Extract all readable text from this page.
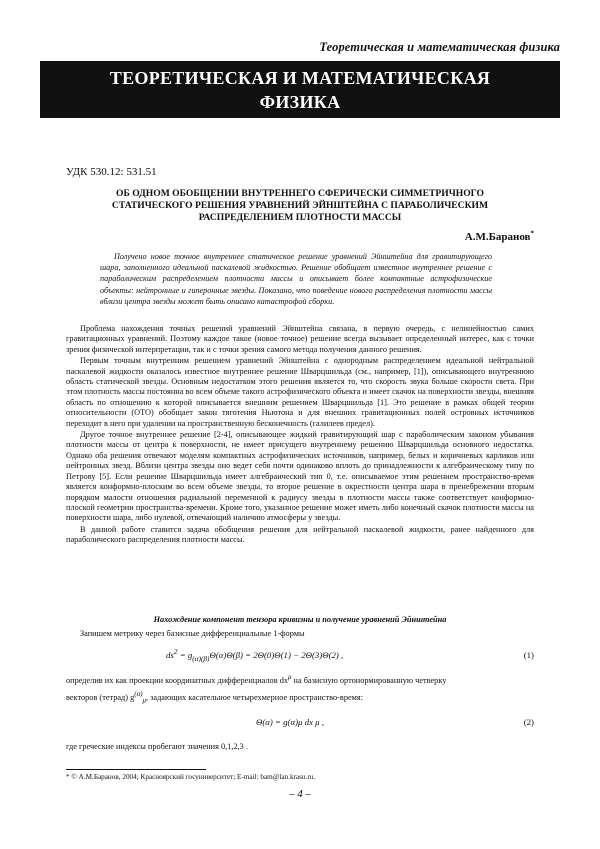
Теоретическая и математическая физика
ТЕОРЕТИЧЕСКАЯ И МАТЕМАТИЧЕСКАЯ
ФИЗИКА
УДК 530.12: 531.51
ОБ ОДНОМ ОБОБЩЕНИИ ВНУТРЕННЕГО СФЕРИЧЕСКИ СИММЕТРИЧНОГО СТАТИЧЕСКОГО РЕШЕНИЯ УРАВНЕНИЙ ЭЙНШТЕЙНА С ПАРАБОЛИЧЕСКИМ РАСПРЕДЕЛЕНИЕМ ПЛОТНОСТИ МАССЫ
А.М.Баранов*

Получено новое точное внутреннее статическое решение уравнений Эйнштейна для гравитирующего шара, заполненного идеальной паскалевой жидкостью. Решение обобщает известное внутреннее решение с параболическим распределением плотности массы и описывает более компактные астрофизические объекты: нейтронные и гиперонные звезды. Показано, что поведение нового распределения плотности массы вблизи центра звезды может быть описано катастрофой сборки.

Проблема нахождения точных решений уравнений Эйнштейна связана, в первую очередь, с нелинейностью самих гравитационных уравнений. Поэтому каждое такое (новое точное) решение всегда вызывает определенный интерес, как с точки зрения физической интерпретации, так и с точки зрения самого метода получения данного решения.

Первым точным внутренним решением уравнений Эйнштейна с однородным распределением идеальной нейтральной паскалевой жидкости оказалось известное внутреннее решение Шварцшильда (см., например, [1]), описывающего внутреннюю область статической звезды. Основным недостатком этого решения является то, что скорость звука больше скорости света. При этом плотность массы постоянна во всем объеме такого астрофизического объекта и имеет скачок на поверхности звезды, внешняя область по отношению к которой описывается внешним решением Шварцшильда [1]. Это решение в рамках общей теории относительности (ОТО) обобщает закон тяготения Ньютона и для внешних гравитационных полей островных источников переходит в него при удалении на пространственную бесконечность (галилеев предел).

Другое точное внутреннее решение [2-4], описывающее жидкий гравитирующий шар с параболическим законом убывания плотности массы от центра к поверхности, не имеет присущего внутреннему решению Шварцшильда основного недостатка. Однако оба решения отвечают моделям компактных астрофизических источников, например, белых и коричневых карликов или нейтронных звезд. Вблизи центра звезды оно ведет себя почти одинаково вплоть до принадлежности к алгебраическому типу по Петрову [5]. Если решение Шварцшильда имеет алгебраический тип 0, т.е. описываемое этим решением пространство-время является конформно-плоским во всем объеме звезды, то второе решение в окрестности центра шара в пренебрежении вторым порядком малости отношения радиальной переменной к радиусу звезды в плотности массы также соответствует конформно-плоской геометрии пространства-времени. Кроме того, указанное решение может иметь либо конечный скачок плотности массы на поверхности шара, либо нулевой, отвечающий наличию атмосферы у звезды.

В данной работе ставится задача обобщения решения для нейтральной паскалевой жидкости, ранее найденного для параболического распределения плотности массы.

Нахождение компонент тензора кривизны и получение уравнений Эйнштейна
Запишем метрику через базисные дифференциальные 1-формы
$ds^2 = g_{(\alpha)(\beta)}\Theta(\alpha)\Theta(\beta) = 2\Theta(0)\Theta(1) - 2\Theta(3)\Theta(2)$ ,	(1)
определив их как проекции координатных дифференциалов $dx^\mu$ на базисную ортонормированную четверку
векторов (тетрад) $g^{(\alpha)}_\mu$, задающих касательное четырехмерное пространство-время:
Θ(α) = g(α)μ dx μ ,	(2)
где греческие индексы пробегают значения 0,1,2,3 .
* © А.М.Баранов, 2004; Красноярский госуниверситет; E-mail: bam@lan.krasu.ru.
– 4 –
